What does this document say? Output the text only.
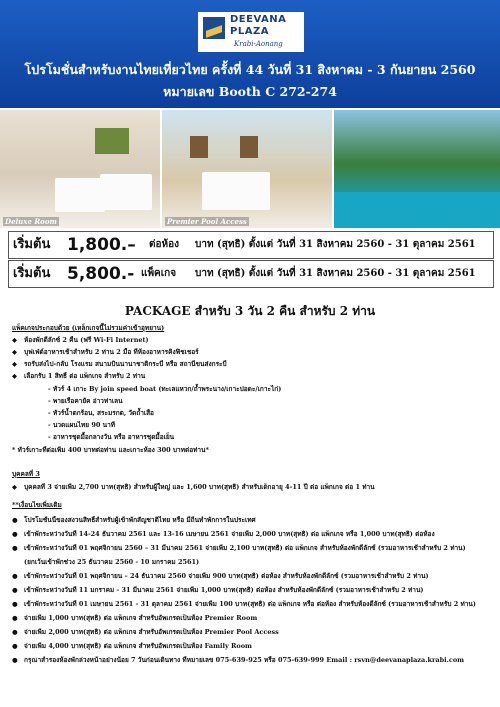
DEEVANA
PLAZA
Krabi-Aonang
โปรโมชั่นสำหรับงานไทยเที่ยวไทย ครั้งที่ 44 วันที่ 31 สิงหาคม - 3 กันยายน 2560
หมายเลข Booth C 272-274
Deluxe Room	Premier Pool Access
เริ่มต้น 1,800.– ต่อห้อง บาท (สุทธิ) ตั้งแต่ วันที่ 31 สิงหาคม 2560 - 31 ตุลาคม 2561
เริ่มต้น 5,800.- แพ็คเกจ บาท (สุทธิ) ตั้งแต่ วันที่ 31 สิงหาคม 2560 - 31 ตุลาคม 2561
PACKAGE สำหรับ 3 วัน 2 คืน สำหรับ 2 ท่าน
แพ็คเกจประกอบด้วย (เหล็กเกจนี้ไม่รวมค่าเข้าอุทยาน)
◆ ห้องพักดีลักซ์ 2 คืน (ฟรี Wi-Fi Internet)
◆ บุฟเฟ่ต์อาหารเช้าสำหรับ 2 ท่าน 2 มื้อ ที่ห้องอาหารคิงฟิชเชอร์
◆ รถรับส่งไป-กลับ โรงแรม สนามบินนานาชาติกระบี่ หรือ สถานีขนส่งกระบี่
◆ เลือกรับ 1 สิทธิ์ ต่อ แพ็กเกจ สำหรับ 2 ท่าน
- ทัวร์ 4 เกาะ By join speed boat (ทะเลแหวก/ถ้ำพระนาง/เกาะปอดะ/เกาะไก่)
- พายเรือคายัค อ่าวท่าเลน
- ทัวร์น้ำตกร้อน, สระมรกต, วัดถ้ำเสือ
- นวดแผนไทย 90 นาที
- อาหารชุดมื้อกลางวัน หรือ อาหารชุดมื้อเย็น
* ทัวร์เกาะที่ต่อเพิ่ม 400 บาทต่อท่าน และเกาะห้อง 300 บาทต่อท่าน*
บุคคลที่ 3
◆ บุคคลที่ 3 จ่ายเพิ่ม 2,700 บาท(สุทธิ) สำหรับผู้ใหญ่ และ 1,600 บาท(สุทธิ) สำหรับเด็กอายุ 4-11 ปี ต่อ แพ็กเกจ ต่อ 1 ท่าน
**เงื่อนไขเพิ่มเติม
● โปรโมชั่นนี้ของสงวนสิทธิ์สำหรับผู้เข้าพักสัญชาติไทย หรือ มีถิ่นทำพักการในประเทศ
● เข้าพักระหว่างวันที่ 14-24 ธันวาคม 2561 และ 13-16 เมษายน 2561 จ่ายเพิ่ม 2,000 บาท(สุทธิ) ต่อ แพ็กเกจ หรือ 1,000 บาท(สุทธิ) ต่อห้อง
● เข้าพักระหว่างวันที่ 01 พฤศจิกายน 2560 – 31 มีนาคม 2561 จ่ายเพิ่ม 2,100 บาท(สุทธิ) ต่อ แพ็กเกจ สำหรับห้องพักดีลักซ์ (รวมอาหารเช้าสำหรับ 2 ท่าน)
(ยกเว้นเข้าพักช่วง 25 ธันวาคม 2560 - 10 มกราคม 2561)
● เข้าพักระหว่างวันที่ 01 พฤศจิกายน – 24 ธันวาคม 2560 จ่ายเพิ่ม 900 บาท(สุทธิ) ต่อห้อง สำหรับห้องพักดีลักซ์ (รวมอาหารเช้าสำหรับ 2 ท่าน)
● เข้าพักระหว่างวันที่ 11 มกราคม - 31 มีนาคม 2561 จ่ายเพิ่ม 1,000 บาท(สุทธิ) ต่อห้อง สำหรับห้องพักดีลักซ์ (รวมอาหารเช้าสำหรับ 2 ท่าน)
● เข้าพักระหว่างวันที่ 01 เมษายน 2561 - 31 ตุลาคม 2561 จ่ายเพิ่ม 100 บาท(สุทธิ) ต่อ แพ็กเกจ หรือ ต่อห้อง สำหรับห้องดีลักซ์ (รวมอาหารเช้าสำหรับ 2 ท่าน)
● จ่ายเพิ่ม 1,000 บาท(สุทธิ) ต่อ แพ็กเกจ สำหรับอัพเกรดเป็นห้อง Premier Room
● จ่ายเพิ่ม 2,000 บาท(สุทธิ) ต่อ แพ็กเกจ สำหรับอัพเกรดเป็นห้อง Premier Pool Access
● จ่ายเพิ่ม 4,000 บาท(สุทธิ) ต่อ แพ็กเกจ สำหรับอัพเกรดเป็นห้อง Family Room
● กรุณาสำรองห้องพักล่วงหน้าอย่างน้อย 7 วันก่อนเดินทาง ที่หมายเลข 075-639-925 หรือ 075-639-999 Email : rsvn@deevanaplaza.krabi.com
